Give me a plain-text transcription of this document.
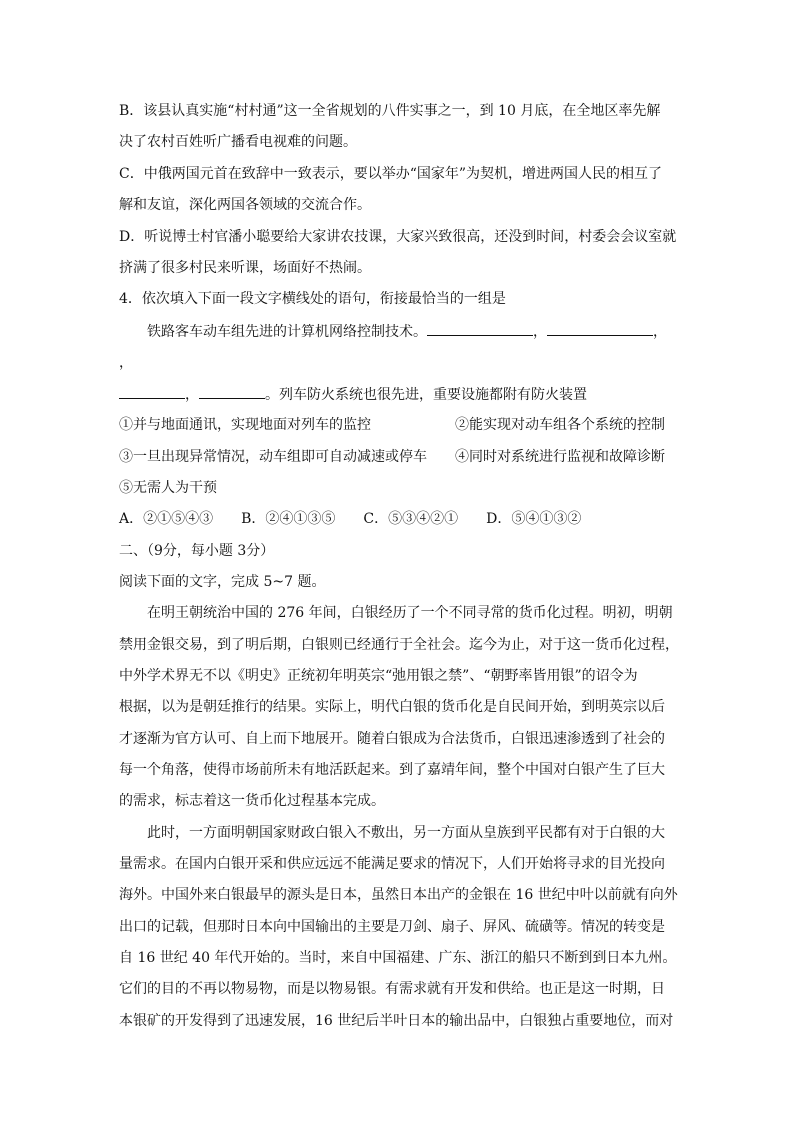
B．该县认真实施“村村通”这一全省规划的八件实事之一，到 10 月底，在全地区率先解
决了农村百姓听广播看电视难的问题。
C．中俄两国元首在致辞中一致表示，要以举办“国家年”为契机，增进两国人民的相互了
解和友谊，深化两国各领域的交流合作。
D．听说博士村官潘小聪要给大家讲农技课，大家兴致很高，还没到时间，村委会会议室就
挤满了很多村民来听课，场面好不热闹。
4．依次填入下面一段文字横线处的语句，衔接最恰当的一组是
铁路客车动车组先进的计算机网络控制技术。	，	，
，
，	。列车防火系统也很先进，重要设施都附有防火装置
①并与地面通讯，实现地面对列车的监控	②能实现对动车组各个系统的控制
③一旦出现异常情况，动车组即可自动减速或停车 ④同时对系统进行监视和故障诊断
⑤无需人为干预
A．②①⑤④③　　B．②④①③⑤　　C．⑤③④②①　　D．⑤④①③②
二、（9分，每小题 3分）
阅读下面的文字，完成 5~7 题。
在明王朝统治中国的 276 年间，白银经历了一个不同寻常的货币化过程。明初，明朝
禁用金银交易，到了明后期，白银则已经通行于全社会。迄今为止，对于这一货币化过程，
中外学术界无不以《明史》正统初年明英宗“弛用银之禁”、“朝野率皆用银”的诏令为
根据，以为是朝廷推行的结果。实际上，明代白银的货币化是自民间开始，到明英宗以后
才逐渐为官方认可、自上而下地展开。随着白银成为合法货币，白银迅速渗透到了社会的
每一个角落，使得市场前所未有地活跃起来。到了嘉靖年间，整个中国对白银产生了巨大
的需求，标志着这一货币化过程基本完成。
此时，一方面明朝国家财政白银入不敷出，另一方面从皇族到平民都有对于白银的大
量需求。在国内白银开采和供应远远不能满足要求的情况下，人们开始将寻求的目光投向
海外。中国外来白银最早的源头是日本，虽然日本出产的金银在 16 世纪中叶以前就有向外
出口的记载，但那时日本向中国输出的主要是刀剑、扇子、屏风、硫磺等。情况的转变是
自 16 世纪 40 年代开始的。当时，来自中国福建、广东、浙江的船只不断到到日本九州。
它们的目的不再以物易物，而是以物易银。有需求就有开发和供给。也正是这一时期，日
本银矿的开发得到了迅速发展，16 世纪后半叶日本的输出品中，白银独占重要地位，而对
